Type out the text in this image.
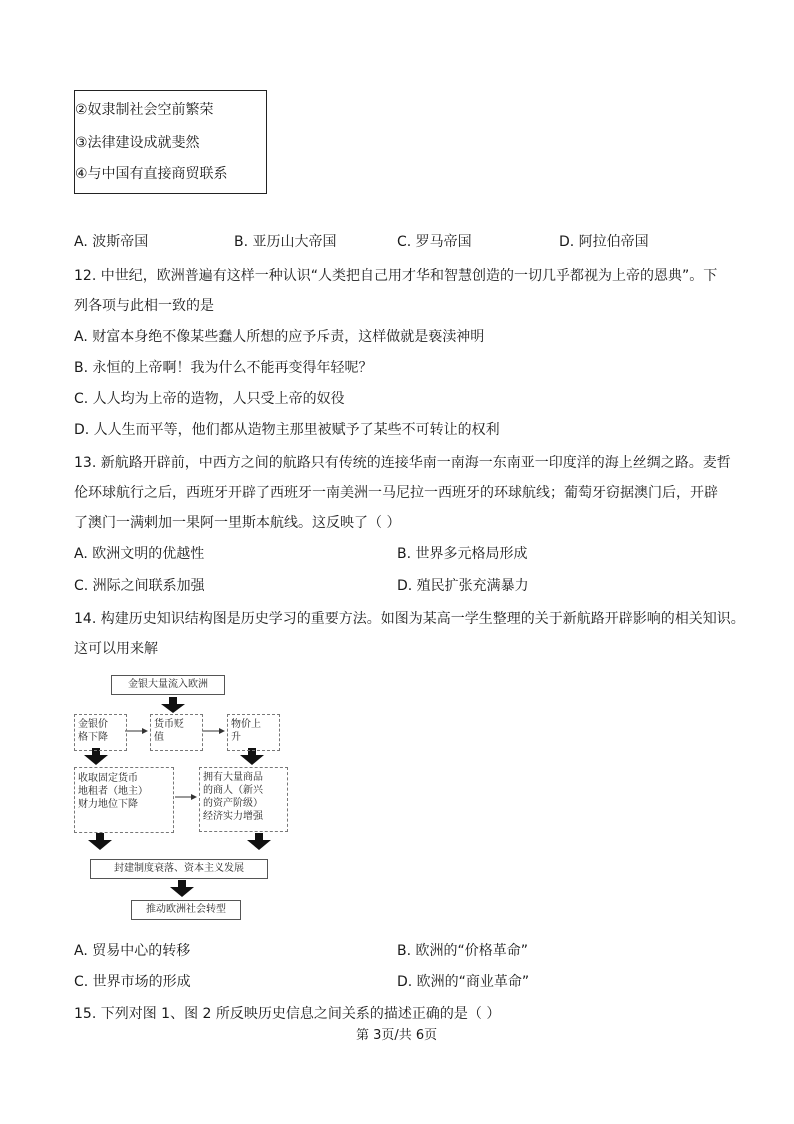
②奴隶制社会空前繁荣
③法律建设成就斐然
④与中国有直接商贸联系
A. 波斯帝国	B. 亚历山大帝国	C. 罗马帝国	D. 阿拉伯帝国
12. 中世纪，欧洲普遍有这样一种认识“人类把自己用才华和智慧创造的一切几乎都视为上帝的恩典”。下
列各项与此相一致的是
A. 财富本身绝不像某些蠢人所想的应予斥责，这样做就是亵渎神明
B. 永恒的上帝啊！我为什么不能再变得年轻呢？
C. 人人均为上帝的造物，人只受上帝的奴役
D. 人人生而平等，他们都从造物主那里被赋予了某些不可转让的权利
13. 新航路开辟前，中西方之间的航路只有传统的连接华南一南海一东南亚一印度洋的海上丝绸之路。麦哲
伦环球航行之后，西班牙开辟了西班牙一南美洲一马尼拉一西班牙的环球航线；葡萄牙窃据澳门后，开辟
了澳门一满剌加一果阿一里斯本航线。这反映了（ ）
A. 欧洲文明的优越性	B. 世界多元格局形成
C. 洲际之间联系加强	D. 殖民扩张充满暴力
14. 构建历史知识结构图是历史学习的重要方法。如图为某高一学生整理的关于新航路开辟影响的相关知识。
这可以用来解
金银大量流入欧洲
金银价
格下降
货币贬
值
物价上
升
收取固定货币
地租者（地主）
财力地位下降
拥有大量商品
的商人（新兴
的资产阶级）
经济实力增强
封建制度衰落、资本主义发展
推动欧洲社会转型
A. 贸易中心的转移	B. 欧洲的“价格革命”
C. 世界市场的形成	D. 欧洲的“商业革命”
15. 下列对图 1、图 2 所反映历史信息之间关系的描述正确的是（ ）
第 3页/共 6页
